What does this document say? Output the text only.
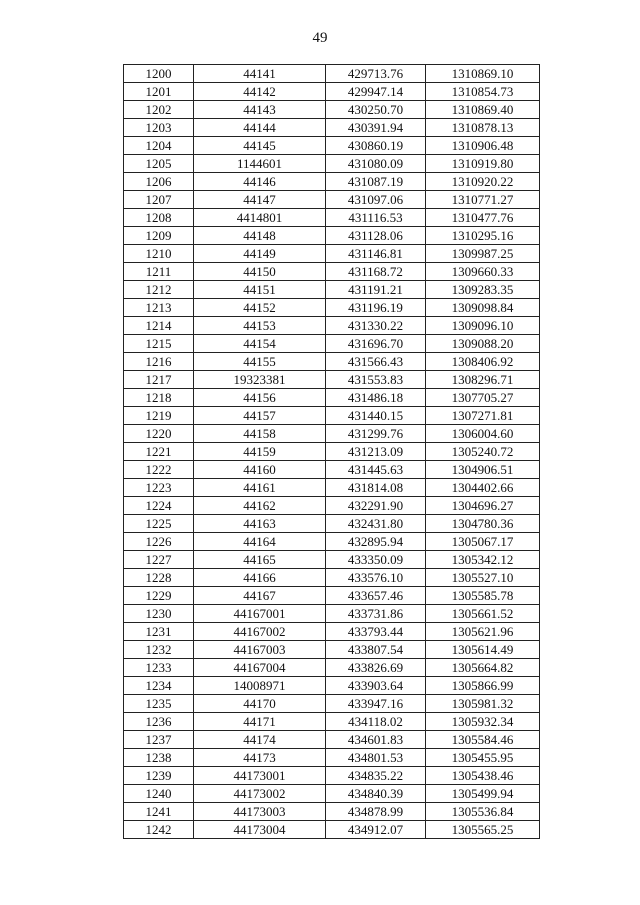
49
1200	44141	429713.76	1310869.10
1201	44142	429947.14	1310854.73
1202	44143	430250.70	1310869.40
1203	44144	430391.94	1310878.13
1204	44145	430860.19	1310906.48
1205	1144601	431080.09	1310919.80
1206	44146	431087.19	1310920.22
1207	44147	431097.06	1310771.27
1208	4414801	431116.53	1310477.76
1209	44148	431128.06	1310295.16
1210	44149	431146.81	1309987.25
1211	44150	431168.72	1309660.33
1212	44151	431191.21	1309283.35
1213	44152	431196.19	1309098.84
1214	44153	431330.22	1309096.10
1215	44154	431696.70	1309088.20
1216	44155	431566.43	1308406.92
1217	19323381	431553.83	1308296.71
1218	44156	431486.18	1307705.27
1219	44157	431440.15	1307271.81
1220	44158	431299.76	1306004.60
1221	44159	431213.09	1305240.72
1222	44160	431445.63	1304906.51
1223	44161	431814.08	1304402.66
1224	44162	432291.90	1304696.27
1225	44163	432431.80	1304780.36
1226	44164	432895.94	1305067.17
1227	44165	433350.09	1305342.12
1228	44166	433576.10	1305527.10
1229	44167	433657.46	1305585.78
1230	44167001	433731.86	1305661.52
1231	44167002	433793.44	1305621.96
1232	44167003	433807.54	1305614.49
1233	44167004	433826.69	1305664.82
1234	14008971	433903.64	1305866.99
1235	44170	433947.16	1305981.32
1236	44171	434118.02	1305932.34
1237	44174	434601.83	1305584.46
1238	44173	434801.53	1305455.95
1239	44173001	434835.22	1305438.46
1240	44173002	434840.39	1305499.94
1241	44173003	434878.99	1305536.84
1242	44173004	434912.07	1305565.25
